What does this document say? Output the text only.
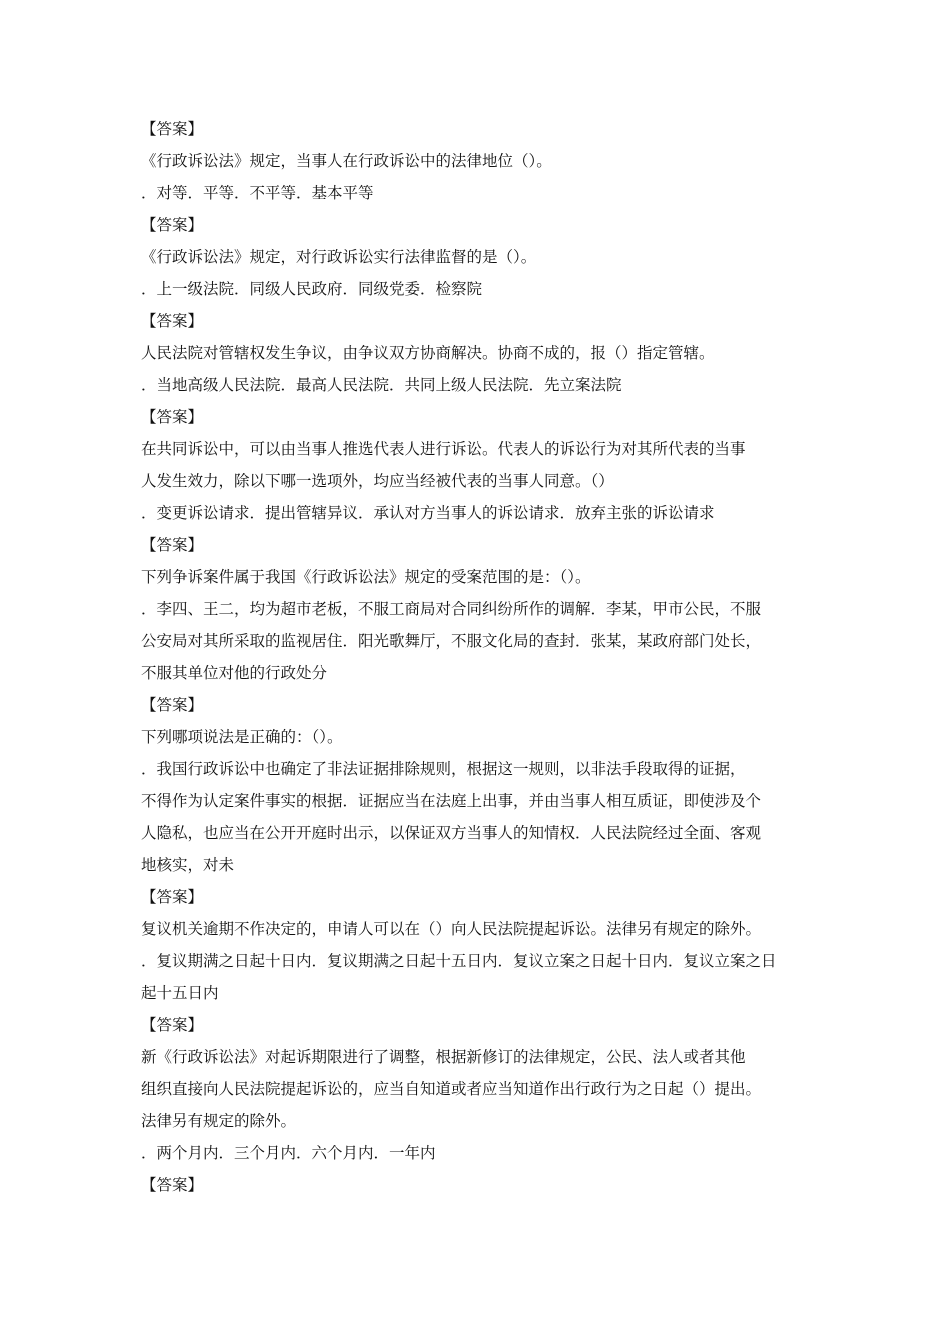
【答案】
《行政诉讼法》规定，当事人在行政诉讼中的法律地位（）。
．对等．平等．不平等．基本平等
【答案】
《行政诉讼法》规定，对行政诉讼实行法律监督的是（）。
．上一级法院．同级人民政府．同级党委．检察院
【答案】
人民法院对管辖权发生争议，由争议双方协商解决。协商不成的，报（）指定管辖。
．当地高级人民法院．最高人民法院．共同上级人民法院．先立案法院
【答案】
在共同诉讼中，可以由当事人推选代表人进行诉讼。代表人的诉讼行为对其所代表的当事
人发生效力，除以下哪一选项外，均应当经被代表的当事人同意。（）
．变更诉讼请求．提出管辖异议．承认对方当事人的诉讼请求．放弃主张的诉讼请求
【答案】
下列争诉案件属于我国《行政诉讼法》规定的受案范围的是：（）。
．李四、王二，均为超市老板，不服工商局对合同纠纷所作的调解．李某，甲市公民，不服
公安局对其所采取的监视居住．阳光歌舞厅，不服文化局的查封．张某，某政府部门处长，
不服其单位对他的行政处分
【答案】
下列哪项说法是正确的：（）。
．我国行政诉讼中也确定了非法证据排除规则，根据这一规则，以非法手段取得的证据，
不得作为认定案件事实的根据．证据应当在法庭上出事，并由当事人相互质证，即使涉及个
人隐私，也应当在公开开庭时出示，以保证双方当事人的知情权．人民法院经过全面、客观
地核实，对未
【答案】
复议机关逾期不作决定的，申请人可以在（）向人民法院提起诉讼。法律另有规定的除外。
．复议期满之日起十日内．复议期满之日起十五日内．复议立案之日起十日内．复议立案之日
起十五日内
【答案】
新《行政诉讼法》对起诉期限进行了调整，根据新修订的法律规定，公民、法人或者其他
组织直接向人民法院提起诉讼的，应当自知道或者应当知道作出行政行为之日起（）提出。
法律另有规定的除外。
．两个月内．三个月内．六个月内．一年内
【答案】
